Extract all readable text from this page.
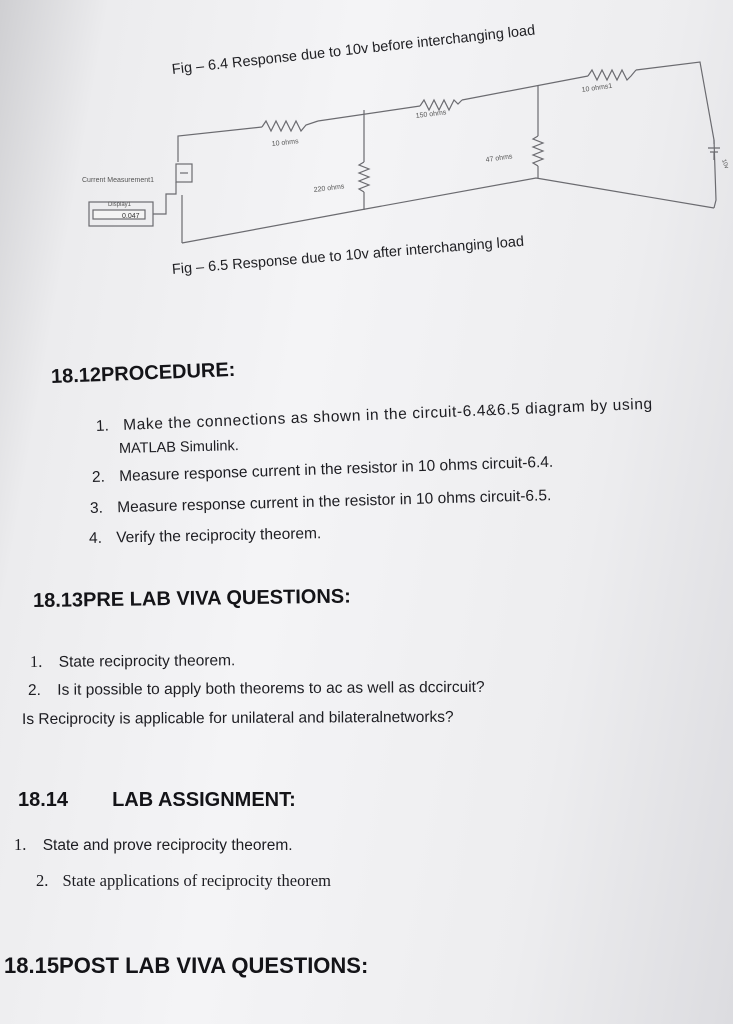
Fig – 6.4 Response due to 10v before interchanging load
10 ohms
150 ohms
10 ohms1
47 ohms
220 ohms
Current Measurement1
Display1
0.047
10v
Fig – 6.5 Response due to 10v after interchanging load
18.12PROCEDURE:
1. Make the connections as shown in the circuit-6.4&6.5 diagram by using
MATLAB Simulink.
2. Measure response current in the resistor in 10 ohms circuit-6.4.
3. Measure response current in the resistor in 10 ohms circuit-6.5.
4. Verify the reciprocity theorem.
18.13PRE LAB VIVA QUESTIONS:
1. State reciprocity theorem.
2. Is it possible to apply both theorems to ac as well as dccircuit?
Is Reciprocity is applicable for unilateral and bilateralnetworks?
18.14 LAB ASSIGNMENT:
1. State and prove reciprocity theorem.
2. State applications of reciprocity theorem
18.15POST LAB VIVA QUESTIONS:
